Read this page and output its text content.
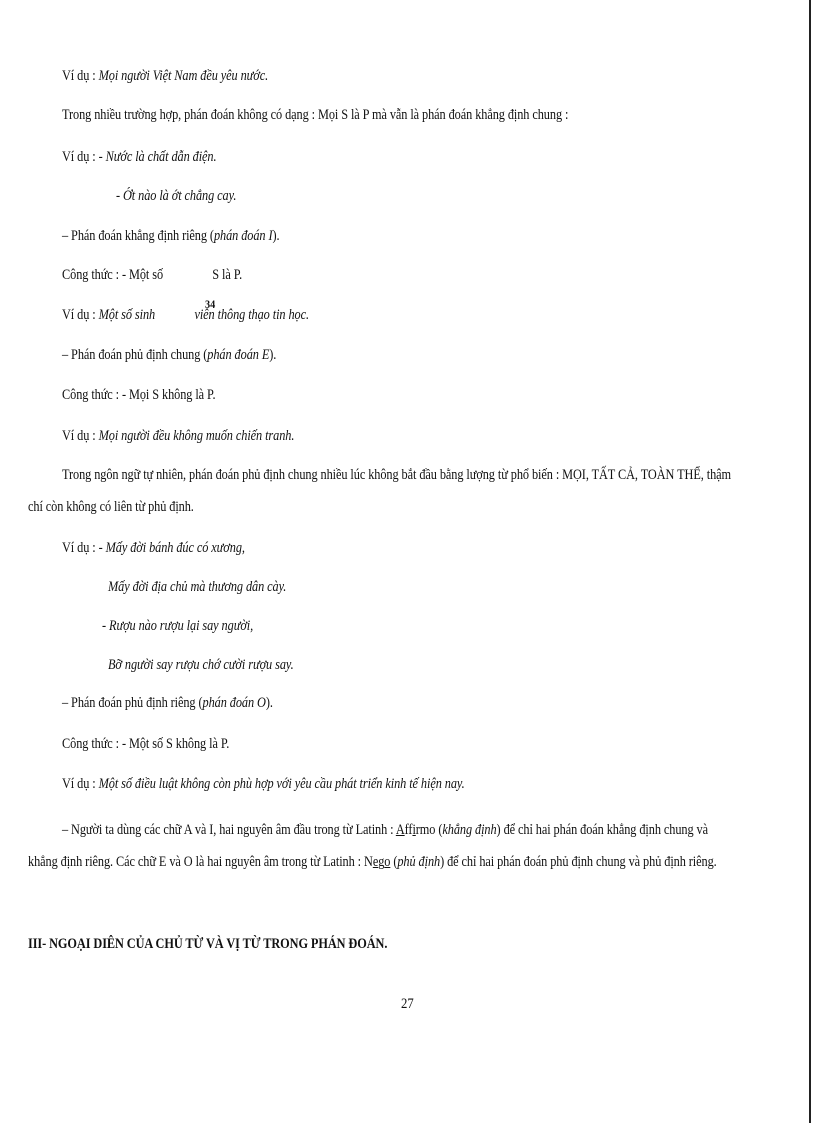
Ví dụ : Mọi người Việt Nam đều yêu nước.
Trong nhiều trường hợp, phán đoán không có dạng : Mọi S là P mà vẫn là phán đoán khẳng định chung :
Ví dụ : - Nước là chất dẫn điện.
- Ớt nào là ớt chẳng cay.
– Phán đoán khẳng định riêng (phán đoán I).
Công thức : - Một số	S là P.
Ví dụ : Một số sinh	viên thông thạo tin học.
34
– Phán đoán phủ định chung (phán đoán E).
Công thức : - Mọi S không là P.
Ví dụ : Mọi người đều không muốn chiến tranh.
Trong ngôn ngữ tự nhiên, phán đoán phủ định chung nhiều lúc không bắt đầu bằng lượng từ phổ biến : MỌI, TẤT CẢ, TOÀN THỂ, thậm
chí còn không có liên từ phủ định.
Ví dụ : - Mấy đời bánh đúc có xương,
Mấy đời địa chủ mà thương dân cày.
- Rượu nào rượu lại say người,
Bỡ người say rượu chớ cười rượu say.
– Phán đoán phủ định riêng (phán đoán O).
Công thức : - Một số S không là P.
Ví dụ : Một số điều luật không còn phù hợp với yêu cầu phát triển kinh tế hiện nay.
– Người ta dùng các chữ A và I, hai nguyên âm đầu trong từ Latinh : Affirmo (khẳng định) để chỉ hai phán đoán khẳng định chung và
khẳng định riêng. Các chữ E và O là hai nguyên âm trong từ Latinh : Nego (phủ định) để chỉ hai phán đoán phủ định chung và phủ định riêng.
III- NGOẠI DIÊN CỦA CHỦ TỪ VÀ VỊ TỪ TRONG PHÁN ĐOÁN.
27
